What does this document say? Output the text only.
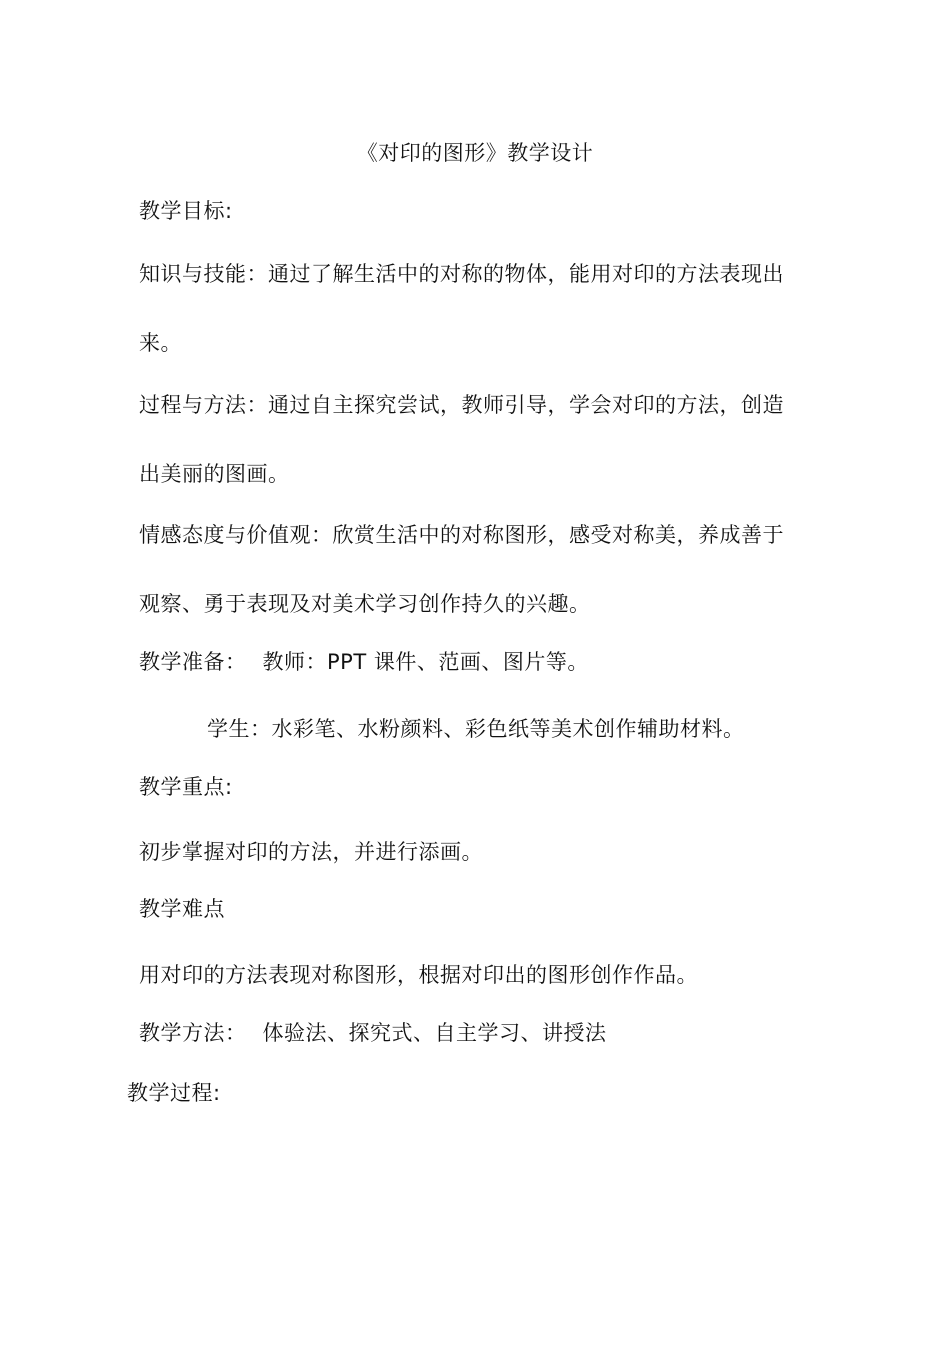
《对印的图形》教学设计
教学目标:
知识与技能：通过了解生活中的对称的物体，能用对印的方法表现出
来。
过程与方法：通过自主探究尝试，教师引导，学会对印的方法，创造
出美丽的图画。
情感态度与价值观：欣赏生活中的对称图形，感受对称美，养成善于
观察、勇于表现及对美术学习创作持久的兴趣。
教学准备： 教师：PPT 课件、范画、图片等。
学生：水彩笔、水粉颜料、彩色纸等美术创作辅助材料。
教学重点:
初步掌握对印的方法，并进行添画。
教学难点
用对印的方法表现对称图形，根据对印出的图形创作作品。
教学方法： 体验法、探究式、自主学习、讲授法
教学过程:
